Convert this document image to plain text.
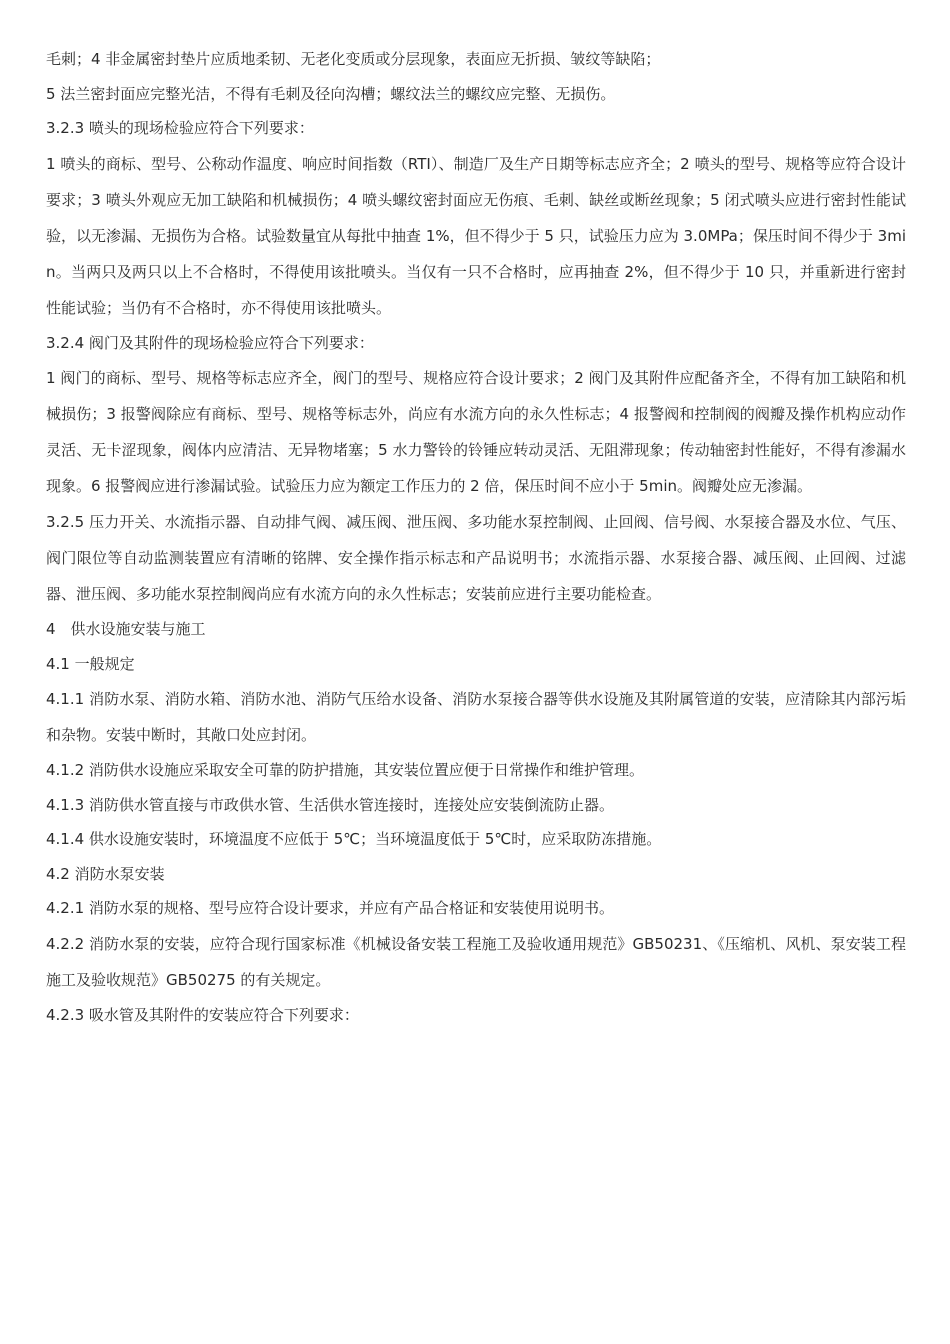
毛刺；4 非金属密封垫片应质地柔韧、无老化变质或分层现象，表面应无折损、皱纹等缺陷；

5 法兰密封面应完整光洁，不得有毛刺及径向沟槽；螺纹法兰的螺纹应完整、无损伤。

3.2.3 喷头的现场检验应符合下列要求：

1 喷头的商标、型号、公称动作温度、响应时间指数（RTI）、制造厂及生产日期等标志应齐全；2 喷头的型号、规格等应符合设计要求；3 喷头外观应无加工缺陷和机械损伤；4 喷头螺纹密封面应无伤痕、毛刺、缺丝或断丝现象；5 闭式喷头应进行密封性能试验，以无渗漏、无损伤为合格。试验数量宜从每批中抽查 1%，但不得少于 5 只，试验压力应为 3.0MPa；保压时间不得少于 3min。当两只及两只以上不合格时，不得使用该批喷头。当仅有一只不合格时，应再抽查 2%，但不得少于 10 只，并重新进行密封性能试验；当仍有不合格时，亦不得使用该批喷头。

3.2.4 阀门及其附件的现场检验应符合下列要求：

1 阀门的商标、型号、规格等标志应齐全，阀门的型号、规格应符合设计要求；2 阀门及其附件应配备齐全，不得有加工缺陷和机械损伤；3 报警阀除应有商标、型号、规格等标志外，尚应有水流方向的永久性标志；4 报警阀和控制阀的阀瓣及操作机构应动作灵活、无卡涩现象，阀体内应清洁、无异物堵塞；5 水力警铃的铃锤应转动灵活、无阻滞现象；传动轴密封性能好，不得有渗漏水现象。6 报警阀应进行渗漏试验。试验压力应为额定工作压力的 2 倍，保压时间不应小于 5min。阀瓣处应无渗漏。

3.2.5 压力开关、水流指示器、自动排气阀、减压阀、泄压阀、多功能水泵控制阀、止回阀、信号阀、水泵接合器及水位、气压、阀门限位等自动监测装置应有清晰的铭牌、安全操作指示标志和产品说明书；水流指示器、水泵接合器、减压阀、止回阀、过滤器、泄压阀、多功能水泵控制阀尚应有水流方向的永久性标志；安装前应进行主要功能检查。

4　供水设施安装与施工

4.1 一般规定

4.1.1 消防水泵、消防水箱、消防水池、消防气压给水设备、消防水泵接合器等供水设施及其附属管道的安装，应清除其内部污垢和杂物。安装中断时，其敞口处应封闭。

4.1.2 消防供水设施应采取安全可靠的防护措施，其安装位置应便于日常操作和维护管理。

4.1.3 消防供水管直接与市政供水管、生活供水管连接时，连接处应安装倒流防止器。

4.1.4 供水设施安装时，环境温度不应低于 5℃；当环境温度低于 5℃时，应采取防冻措施。

4.2 消防水泵安装

4.2.1 消防水泵的规格、型号应符合设计要求，并应有产品合格证和安装使用说明书。

4.2.2 消防水泵的安装，应符合现行国家标准《机械设备安装工程施工及验收通用规范》GB50231、《压缩机、风机、泵安装工程施工及验收规范》GB50275 的有关规定。

4.2.3 吸水管及其附件的安装应符合下列要求：
